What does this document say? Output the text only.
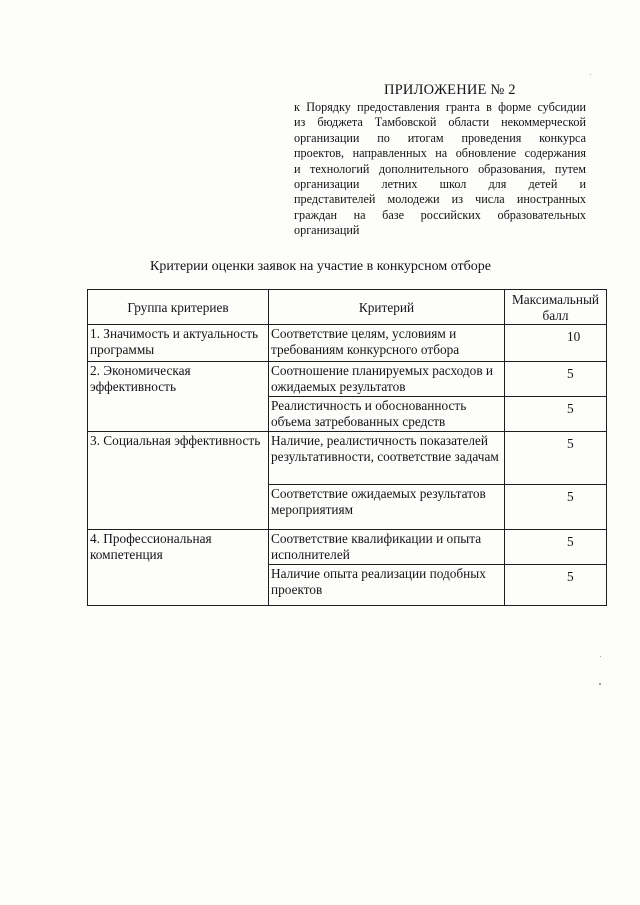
ПРИЛОЖЕНИЕ № 2
к Порядку предоставления гранта в форме субсидии
из бюджета Тамбовской области некоммерческой
организации по итогам проведения конкурса
проектов, направленных на обновление содержания
и технологий дополнительного образования, путем
организации летних школ для детей и
представителей молодежи из числа иностранных
граждан на базе российских образовательных
организаций
Критерии оценки заявок на участие в конкурсном отборе
Группа критериев	Критерий	Максимальный балл
1. Значимость и актуальность программы	Соответствие целям, условиям и требованиям конкурсного отбора	10
2. Экономическая эффективность	Соотношение планируемых расходов и ожидаемых результатов	5
	Реалистичность и обоснованность объема затребованных средств	5
3. Социальная эффективность	Наличие, реалистичность показателей результативности, соответствие задачам	5
	Соответствие ожидаемых результатов мероприятиям	5
4. Профессиональная компетенция	Соответствие квалификации и опыта исполнителей	5
	Наличие опыта реализации подобных проектов	5
